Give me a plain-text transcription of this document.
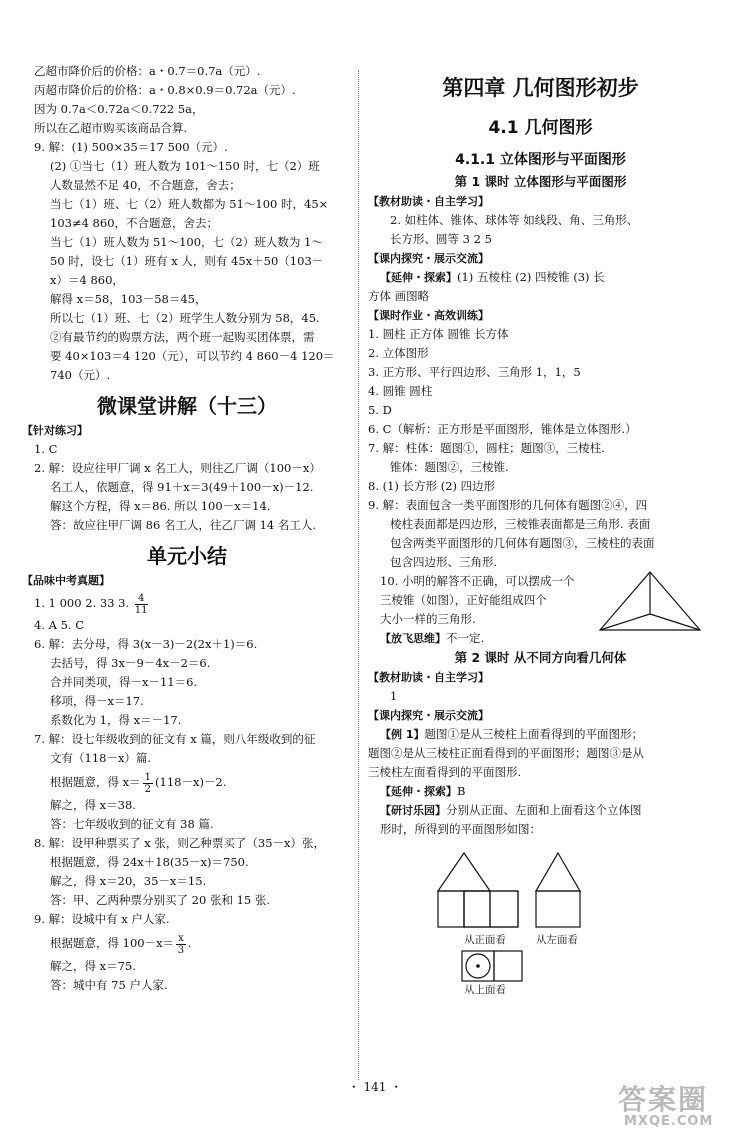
乙超市降价后的价格：a・0.7＝0.7a（元）.
丙超市降价后的价格：a・0.8×0.9＝0.72a（元）.
因为 0.7a＜0.72a＜0.722 5a，
所以在乙超市购买该商品合算.
9. 解：(1) 500×35＝17 500（元）.
(2) ①当七（1）班人数为 101～150 时，七（2）班
人数显然不足 40，不合题意，舍去；
当七（1）班、七（2）班人数都为 51～100 时，45×
103≠4 860，不合题意，舍去；
当七（1）班人数为 51～100，七（2）班人数为 1～
50 时，设七（1）班有 x 人，则有 45x＋50（103－
x）＝4 860，
解得 x＝58，103－58＝45，
所以七（1）班、七（2）班学生人数分别为 58，45.
②有最节约的购票方法，两个班一起购买团体票，需
要 40×103＝4 120（元），可以节约 4 860－4 120＝
740（元）.
微课堂讲解（十三）
【针对练习】
1. C
2. 解：设应往甲厂调 x 名工人，则往乙厂调（100－x）
名工人，依题意，得 91＋x＝3(49＋100－x)－12.
解这个方程，得 x＝86. 所以 100－x＝14.
答：故应往甲厂调 86 名工人，往乙厂调 14 名工人.
单元小结
【品味中考真题】
1. 1 000 2. 33 3. $\frac{4}{11}$
4. A 5. C
6. 解：去分母，得 3(x－3)－2(2x＋1)＝6.
去括号，得 3x－9－4x－2＝6.
合并同类项，得－x－11＝6.
移项，得－x＝17.
系数化为 1，得 x＝－17.
7. 解：设七年级收到的征文有 x 篇，则八年级收到的征
文有（118－x）篇.
根据题意，得 $x= \frac{1}{2} (118-x)-2$.
解之，得 x＝38.
答：七年级收到的征文有 38 篇.
8. 解：设甲种票买了 x 张，则乙种票买了（35－x）张，
根据题意，得 24x＋18(35－x)＝750.
解之，得 x＝20，35－x＝15.
答：甲、乙两种票分别买了 20 张和 15 张.
9. 解：设城中有 x 户人家.
根据题意，得 $100-x= \frac{x}{3}$ .
解之，得 x＝75.
答：城中有 75 户人家.
第四章 几何图形初步
4.1 几何图形
4.1.1 立体图形与平面图形
第 1 课时 立体图形与平面图形
【教材助读・自主学习】
2. 如柱体、锥体、球体等 如线段、角、三角形、
长方形、圆等 3 2 5
【课内探究・展示交流】
【延伸・探索】(1) 五棱柱 (2) 四棱锥 (3) 长
方体 画图略
【课时作业・高效训练】
1. 圆柱 正方体 圆锥 长方体
2. 立体图形
3. 正方形、平行四边形、三角形 1，1，5
4. 圆锥 圆柱
5. D
6. C（解析：正方形是平面图形，锥体是立体图形.）
7. 解：柱体：题图①，圆柱；题图③，三棱柱.
锥体：题图②，三棱锥.
8. (1) 长方形 (2) 四边形
9. 解：表面包含一类平面图形的几何体有题图②④，四
棱柱表面都是四边形，三棱锥表面都是三角形. 表面
包含两类平面图形的几何体有题图③，三棱柱的表面
包含四边形、三角形.
10. 小明的解答不正确，可以摆成一个
三棱锥（如图），正好能组成四个
大小一样的三角形.
【放飞思维】不一定.
第 2 课时 从不同方向看几何体
【教材助读・自主学习】
1
【课内探究・展示交流】
【例 1】题图①是从三棱柱上面看得到的平面图形；
题图②是从三棱柱正面看得到的平面图形；题图③是从
三棱柱左面看得到的平面图形.
【延伸・探索】B
【研讨乐园】分别从正面、左面和上面看这个立体图
形时，所得到的平面图形如图：
从正面看	从左面看
从上面看
・ 141 ・	答案圈
MXQE.COM
